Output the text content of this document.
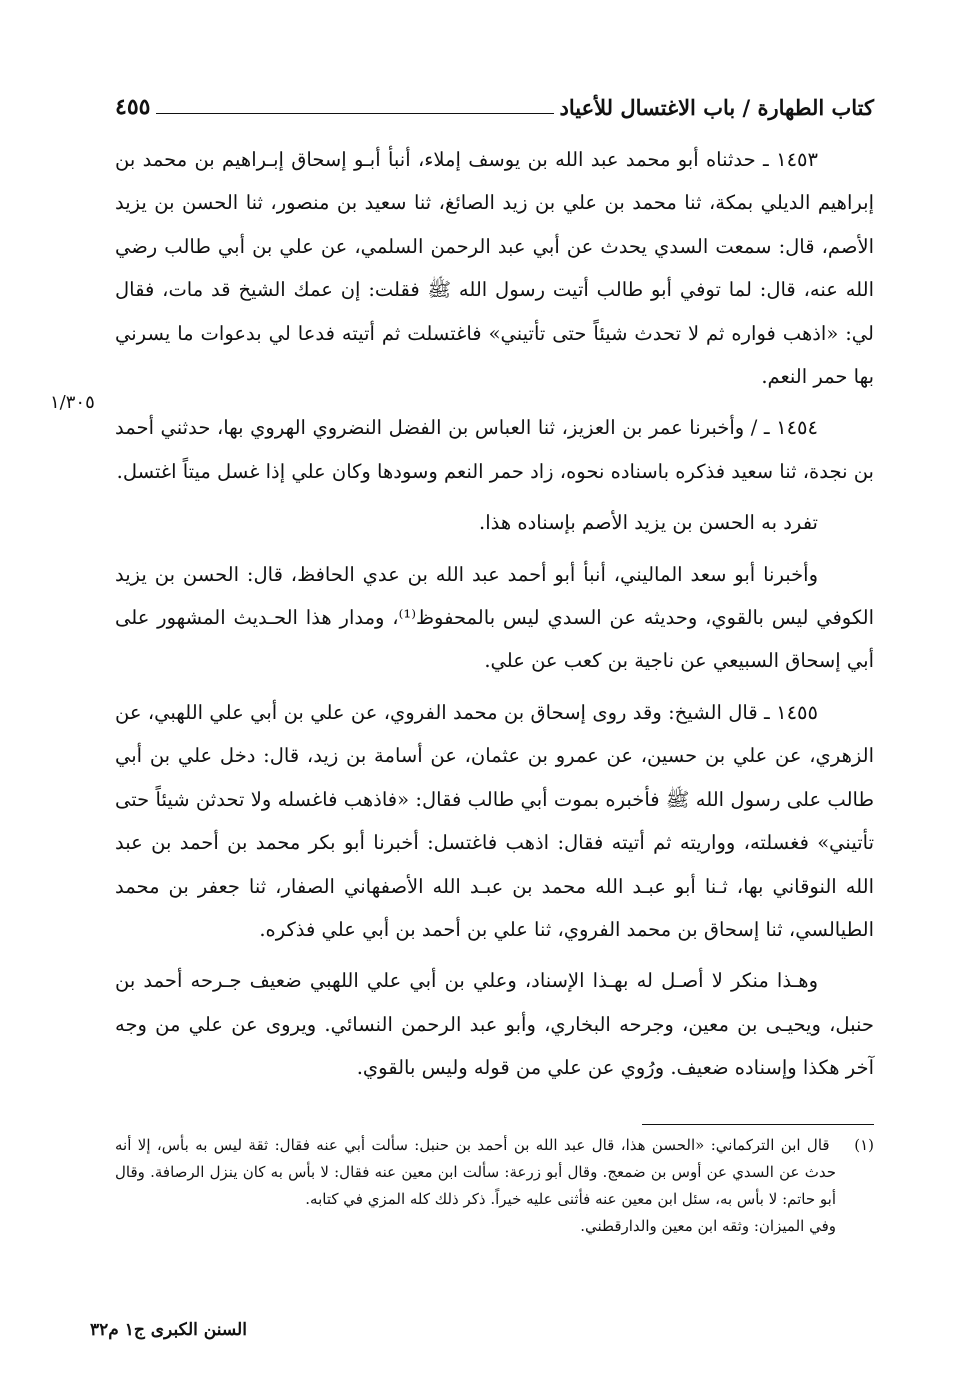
كتاب الطهارة / باب الاغتسال للأعياد
٤٥٥
١/٣٠٥

١٤٥٣ ـ حدثناه أبو محمد عبد الله بن يوسف إملاء، أنبأ أبـو إسحاق إبـراهيم بن محمد بن إبراهيم الديلي بمكة، ثنا محمد بن علي بن زيد الصائغ، ثنا سعيد بن منصور، ثنا الحسن بن يزيد الأصم، قال: سمعت السدي يحدث عن أبي عبد الرحمن السلمي، عن علي بن أبي طالب رضي الله عنه، قال: لما توفي أبو طالب أتيت رسول الله ﷺ فقلت: إن عمك الشيخ قد مات، فقال لي: «اذهب فواره ثم لا تحدث شيئاً حتى تأتيني» فاغتسلت ثم أتيته فدعا لي بدعوات ما يسرني بها حمر النعم.

١٤٥٤ ـ / وأخبرنا عمر بن العزيز، ثنا العباس بن الفضل النضروي الهروي بها، حدثني أحمد بن نجدة، ثنا سعيد فذكره باسناده نحوه، زاد حمر النعم وسودها وكان علي إذا غسل ميتاً اغتسل.

تفرد به الحسن بن يزيد الأصم بإسناده هذا.

وأخبرنا أبو سعد الماليني، أنبأ أبو أحمد عبد الله بن عدي الحافظ، قال: الحسن بن يزيد الكوفي ليس بالقوي، وحديثه عن السدي ليس بالمحفوظ⁽¹⁾، ومدار هذا الحـديث المشهور على أبي إسحاق السبيعي عن ناجية بن كعب عن علي.

١٤٥٥ ـ قال الشيخ: وقد روى إسحاق بن محمد الفروي، عن علي بن أبي علي اللهبي، عن الزهري، عن علي بن حسين، عن عمرو بن عثمان، عن أسامة بن زيد، قال: دخل علي بن أبي طالب على رسول الله ﷺ فأخبره بموت أبي طالب فقال: «فاذهب فاغسله ولا تحدثن شيئاً حتى تأتيني» فغسلته، وواريته ثم أتيته فقال: اذهب فاغتسل: أخبرنا أبو بكر محمد بن أحمد بن عبد الله النوقاني بها، ثـنا أبو عبـد الله محمد بن عبـد الله الأصفهاني الصفار، ثنا جعفر بن محمد الطيالسي، ثنا إسحاق بن محمد الفروي، ثنا علي بن أحمد بن أبي علي فذكره.

وهـذا منكر لا أصـل له بهـذا الإسناد، وعلي بن أبي علي اللهبي ضعيف جـرحه أحمد بن حنبل، ويحيـى بن معين، وجرحه البخاري، وأبو عبد الرحمن النسائي. ويروى عن علي من وجه آخر هكذا وإسناده ضعيف. ورُوي عن علي من قوله وليس بالقوي.

(١) قال ابن التركماني: «الحسن هذا، قال عبد الله بن أحمد بن حنبل: سألت أبي عنه فقال: ثقة ليس به بأس، إلا أنه حدث عن السدي عن أوس بن ضمعج. وقال أبو زرعة: سألت ابن معين عنه فقال: لا بأس به كان ينزل الرصافة. وقال أبو حاتم: لا بأس به، سئل ابن معين عنه فأثنى عليه خيراً. ذكر ذلك كله المزي في كتابه.

وفي الميزان: وثقه ابن معين والدارقطني.

السنن الكبرى ج١ م٣٢
